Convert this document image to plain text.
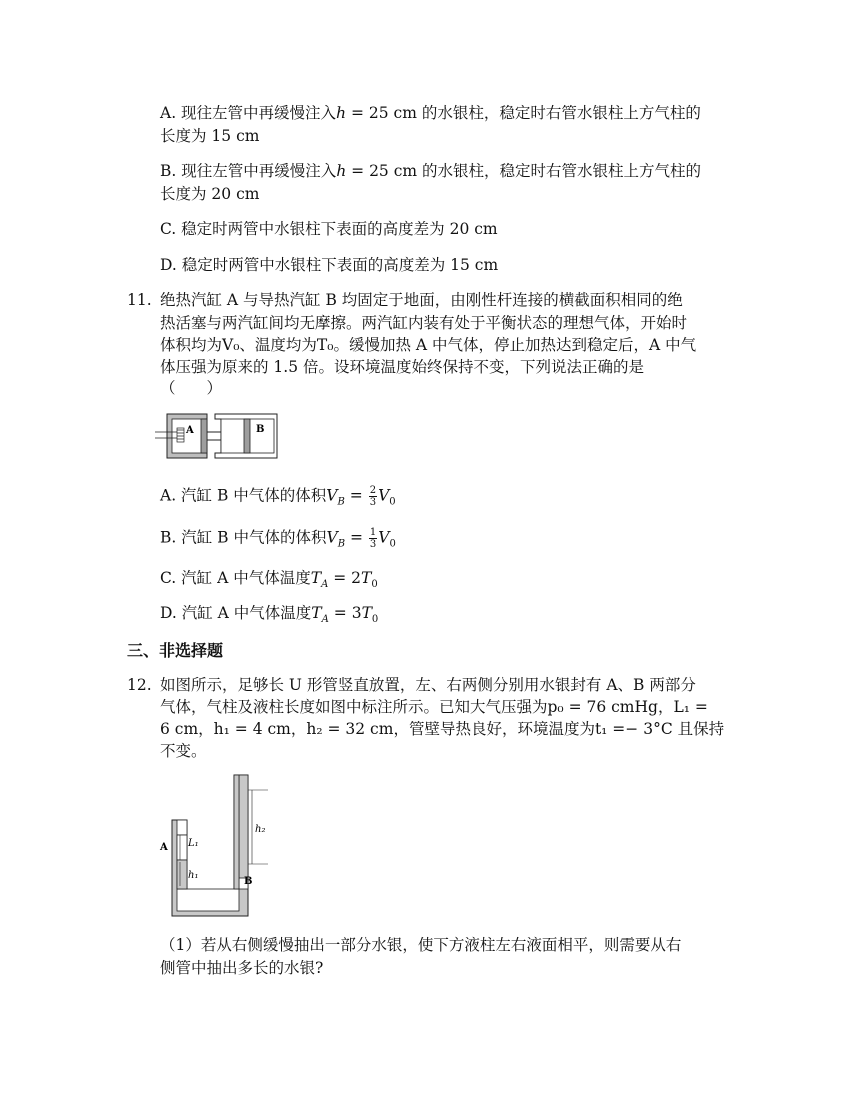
A. 现往左管中再缓慢注入ℎ = 25 cm 的水银柱，稳定时右管水银柱上方气柱的
长度为 15 cm
B. 现往左管中再缓慢注入ℎ = 25 cm 的水银柱，稳定时右管水银柱上方气柱的
长度为 20 cm
C. 稳定时两管中水银柱下表面的高度差为 20 cm
D. 稳定时两管中水银柱下表面的高度差为 15 cm
11. 绝热汽缸 A 与导热汽缸 B 均固定于地面，由刚性杆连接的横截面积相同的绝
热活塞与两汽缸间均无摩擦。两汽缸内装有处于平衡状态的理想气体，开始时
体积均为V₀、温度均为T₀。缓慢加热 A 中气体，停止加热达到稳定后，A 中气
体压强为原来的 1.5 倍。设环境温度始终保持不变，下列说法正确的是
（　　）
A	B
A. 汽缸 B 中气体的体积$V_B = \frac{2}{3} V_0$
B. 汽缸 B 中气体的体积$V_B = \frac{1}{3} V_0$
C. 汽缸 A 中气体温度$T_A = 2T_0$
D. 汽缸 A 中气体温度$T_A = 3T_0$
三、非选择题
12. 如图所示，足够长 U 形管竖直放置，左、右两侧分别用水银封有 A、B 两部分
气体，气柱及液柱长度如图中标注所示。已知大气压强为p₀ = 76 cmHg，L₁ =
6 cm，h₁ = 4 cm，h₂ = 32 cm，管壁导热良好，环境温度为t₁ =− 3°C 且保持
不变。
A L₁
h₁
h₂
B
（1）若从右侧缓慢抽出一部分水银，使下方液柱左右液面相平，则需要从右
侧管中抽出多长的水银?
